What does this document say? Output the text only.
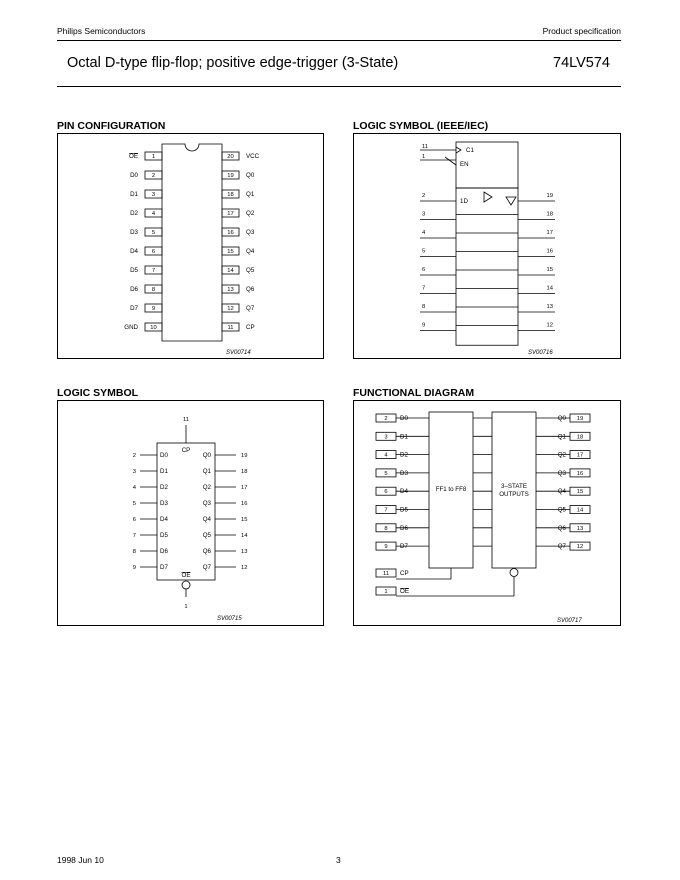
Philips Semiconductors	Product specification
Octal D-type flip-flop; positive edge-trigger (3-State)	74LV574
PIN CONFIGURATION	LOGIC SYMBOL (IEEE/IEC)
LOGIC SYMBOL	FUNCTIONAL DIAGRAM
1
OE
2
D0
3
D1
4
D2
5
D3
6
D4
7
D5
8
D6
9
D7
10
GND
20 VCC
19 Q0
18 Q1
17 Q2
16 Q3
15 Q4
14 Q5
13 Q6
12 Q7
11 CP
SV00714
11	C1
1
EN
1D
2
3
4
5
6
7
8
9
19
18
17
16
15
14
13
12
SV00716
11
CP
2	D0
3	D1
4	D2
5	D3
6	D4
7	D5
8	D6
9	D7
Q0	19
Q1	18
Q2	17
Q3	16
Q4	15
Q5	14
Q6	13
Q7	12
OE
1
SV00715
FF1 to FF8	3–STATE
OUTPUTS
2 D0
3 D1
4 D2
5 D3
6 D4
7 D5
8 D6
9 D7
Q0 19
Q1 18
Q2 17
Q3 16
Q4 15
Q5 14
Q6 13
Q7 12
11 CP
1 OE
SV00717
1998 Jun 10	3
